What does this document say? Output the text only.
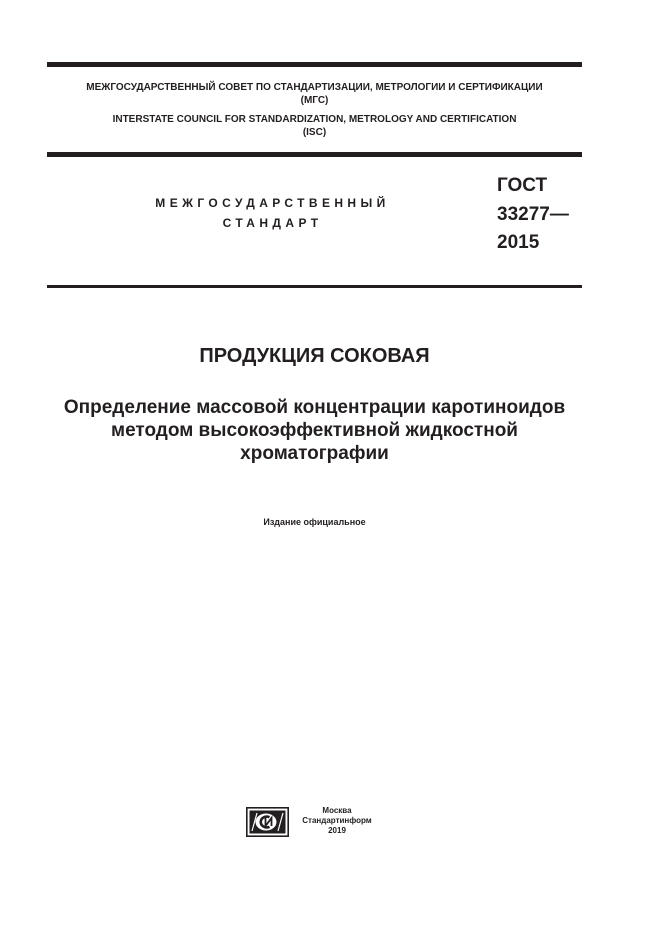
МЕЖГОСУДАРСТВЕННЫЙ СОВЕТ ПО СТАНДАРТИЗАЦИИ, МЕТРОЛОГИИ И СЕРТИФИКАЦИИ
(МГС)
INTERSTATE COUNCIL FOR STANDARDIZATION, METROLOGY AND CERTIFICATION
(ISC)
МЕЖГОСУДАРСТВЕННЫЙ
СТАНДАРТ
ГОСТ
33277—
2015
ПРОДУКЦИЯ СОКОВАЯ
Определение массовой концентрации каротиноидов
методом высокоэффективной жидкостной
хроматографии
Издание официальное
Москва
Стандартинформ
2019
